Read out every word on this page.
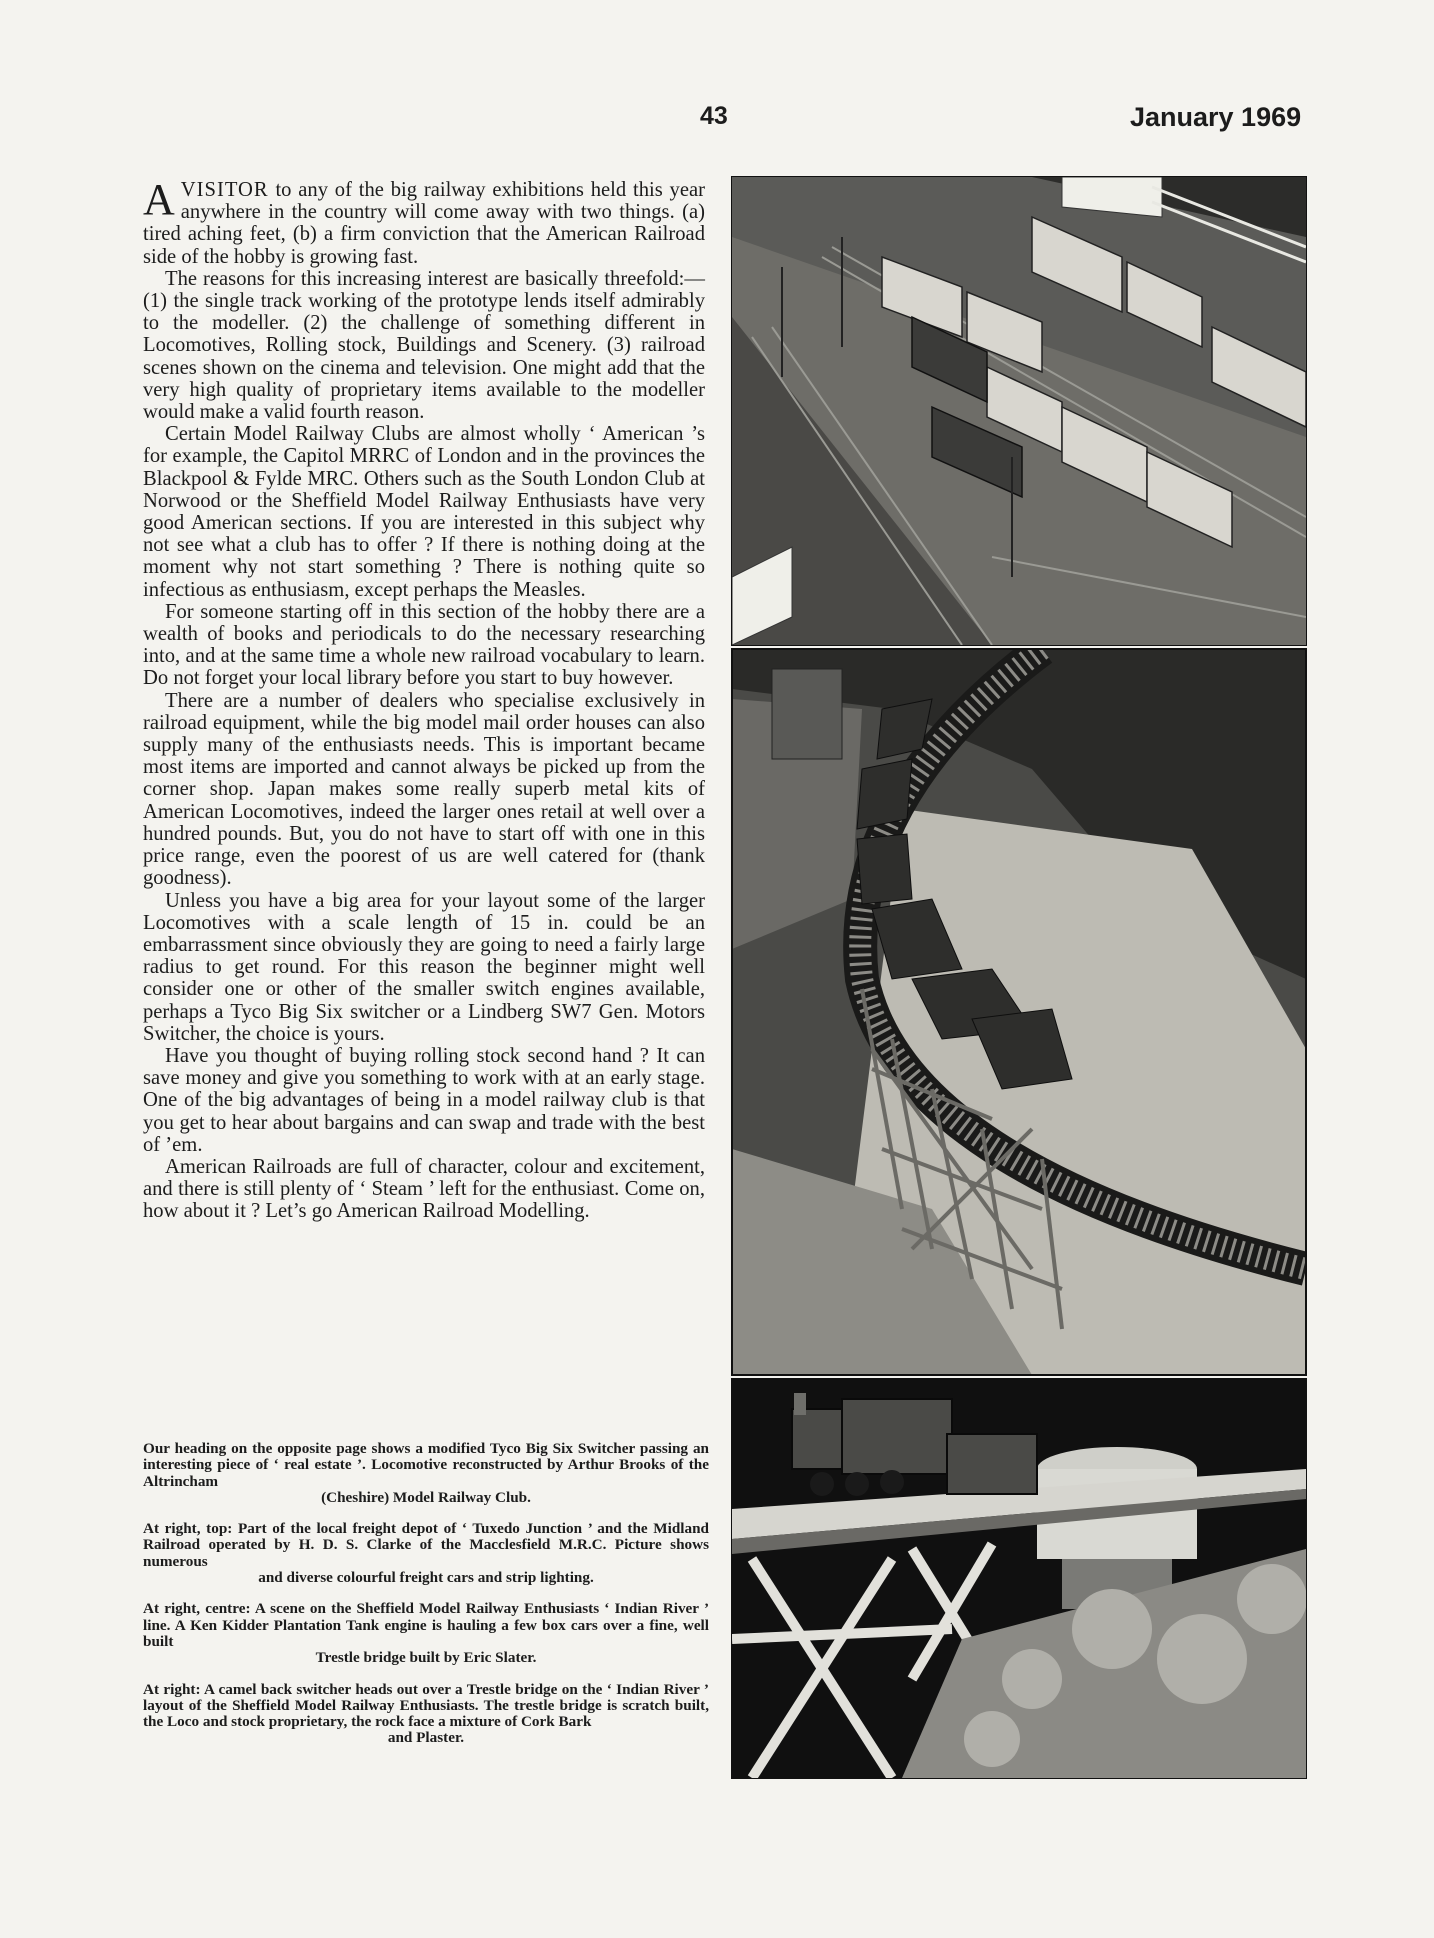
43	January 1969

AVISITOR to any of the big railway exhibitions held this year anywhere in the country will come away with two things. (a) tired aching feet, (b) a firm conviction that the American Railroad side of the hobby is growing fast.

The reasons for this increasing interest are basically threefold:—(1) the single track working of the prototype lends itself admirably to the modeller. (2) the challenge of something different in Locomotives, Rolling stock, Buildings and Scenery. (3) railroad scenes shown on the cinema and television. One might add that the very high quality of proprietary items available to the modeller would make a valid fourth reason.

Certain Model Railway Clubs are almost wholly ‘ American ’s for example, the Capitol MRRC of London and in the provinces the Blackpool & Fylde MRC. Others such as the South London Club at Norwood or the Sheffield Model Railway Enthusiasts have very good American sections. If you are interested in this subject why not see what a club has to offer ? If there is nothing doing at the moment why not start something ? There is nothing quite so infectious as enthusiasm, except perhaps the Measles.

For someone starting off in this section of the hobby there are a wealth of books and periodicals to do the necessary researching into, and at the same time a whole new railroad vocabulary to learn. Do not forget your local library before you start to buy however.

There are a number of dealers who specialise exclusively in railroad equipment, while the big model mail order houses can also supply many of the enthusiasts needs. This is important became most items are imported and cannot always be picked up from the corner shop. Japan makes some really superb metal kits of American Locomotives, indeed the larger ones retail at well over a hundred pounds. But, you do not have to start off with one in this price range, even the poorest of us are well catered for (thank goodness).

Unless you have a big area for your layout some of the larger Locomotives with a scale length of 15 in. could be an embarrassment since obviously they are going to need a fairly large radius to get round. For this reason the beginner might well consider one or other of the smaller switch engines available, perhaps a Tyco Big Six switcher or a Lindberg SW7 Gen. Motors Switcher, the choice is yours.

Have you thought of buying rolling stock second hand ? It can save money and give you something to work with at an early stage. One of the big advantages of being in a model railway club is that you get to hear about bargains and can swap and trade with the best of ’em.

American Railroads are full of character, colour and excitement, and there is still plenty of ‘ Steam ’ left for the enthusiast. Come on, how about it ? Let’s go American Railroad Modelling.

Our heading on the opposite page shows a modified Tyco Big Six Switcher passing an interesting piece of ‘ real estate ’. Locomotive reconstructed by Arthur Brooks of the Altrincham
(Cheshire) Model Railway Club.

At right, top: Part of the local freight depot of ‘ Tuxedo Junction ’ and the Midland Railroad operated by H. D. S. Clarke of the Macclesfield M.R.C. Picture shows numerous
and diverse colourful freight cars and strip lighting.

At right, centre: A scene on the Sheffield Model Railway Enthusiasts ‘ Indian River ’ line. A Ken Kidder Plantation Tank engine is hauling a few box cars over a fine, well built
Trestle bridge built by Eric Slater.

At right: A camel back switcher heads out over a Trestle bridge on the ‘ Indian River ’ layout of the Sheffield Model Railway Enthusiasts. The trestle bridge is scratch built, the Loco and stock proprietary, the rock face a mixture of Cork Bark
and Plaster.
